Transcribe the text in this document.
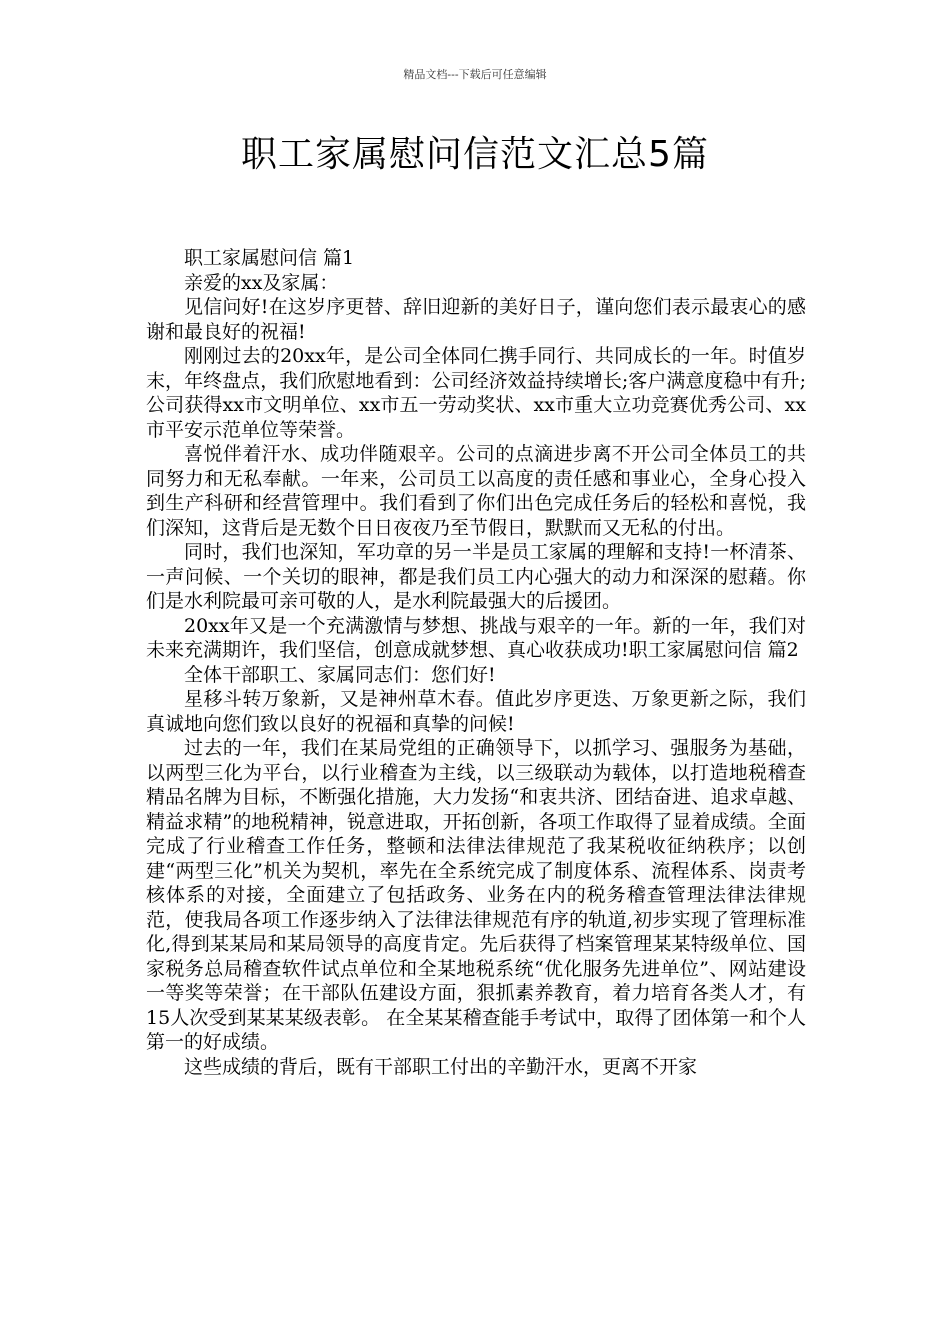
精品文档---下载后可任意编辑
职工家属慰问信范文汇总5篇

职工家属慰问信 篇1

亲爱的xx及家属：

见信问好!在这岁序更替、辞旧迎新的美好日子，谨向您们表示最衷心的感谢和最良好的祝福!

刚刚过去的20xx年，是公司全体同仁携手同行、共同成长的一年。时值岁末，年终盘点，我们欣慰地看到：公司经济效益持续增长;客户满意度稳中有升;公司获得xx市文明单位、xx市五一劳动奖状、xx市重大立功竞赛优秀公司、xx市平安示范单位等荣誉。

喜悦伴着汗水、成功伴随艰辛。公司的点滴进步离不开公司全体员工的共同努力和无私奉献。一年来，公司员工以高度的责任感和事业心，全身心投入到生产科研和经营管理中。我们看到了你们出色完成任务后的轻松和喜悦，我们深知，这背后是无数个日日夜夜乃至节假日，默默而又无私的付出。

同时，我们也深知，军功章的另一半是员工家属的理解和支持!一杯清茶、一声问候、一个关切的眼神，都是我们员工内心强大的动力和深深的慰藉。你们是水利院最可亲可敬的人，是水利院最强大的后援团。

20xx年又是一个充满激情与梦想、挑战与艰辛的一年。新的一年，我们对未来充满期许，我们坚信，创意成就梦想、真心收获成功!职工家属慰问信 篇2

全体干部职工、家属同志们：您们好!

星移斗转万象新，又是神州草木春。值此岁序更迭、万象更新之际，我们真诚地向您们致以良好的祝福和真挚的问候!

过去的一年，我们在某局党组的正确领导下，以抓学习、强服务为基础，以两型三化为平台，以行业稽查为主线，以三级联动为载体，以打造地税稽查精品名牌为目标，不断强化措施，大力发扬“和衷共济、团结奋进、追求卓越、精益求精”的地税精神，锐意进取，开拓创新，各项工作取得了显着成绩。全面完成了行业稽查工作任务，整顿和法律法律规范了我某税收征纳秩序；以创建“两型三化”机关为契机，率先在全系统完成了制度体系、流程体系、岗责考核体系的对接，全面建立了包括政务、业务在内的税务稽查管理法律法律规范，使我局各项工作逐步纳入了法律法律规范有序的轨道,初步实现了管理标准化,得到某某局和某局领导的高度肯定。先后获得了档案管理某某特级单位、国家税务总局稽查软件试点单位和全某地税系统“优化服务先进单位”、网站建设一等奖等荣誉；在干部队伍建设方面，狠抓素养教育，着力培育各类人才，有15人次受到某某某级表彰。 在全某某稽查能手考试中，取得了团体第一和个人第一的好成绩。

这些成绩的背后，既有干部职工付出的辛勤汗水，更离不开家
